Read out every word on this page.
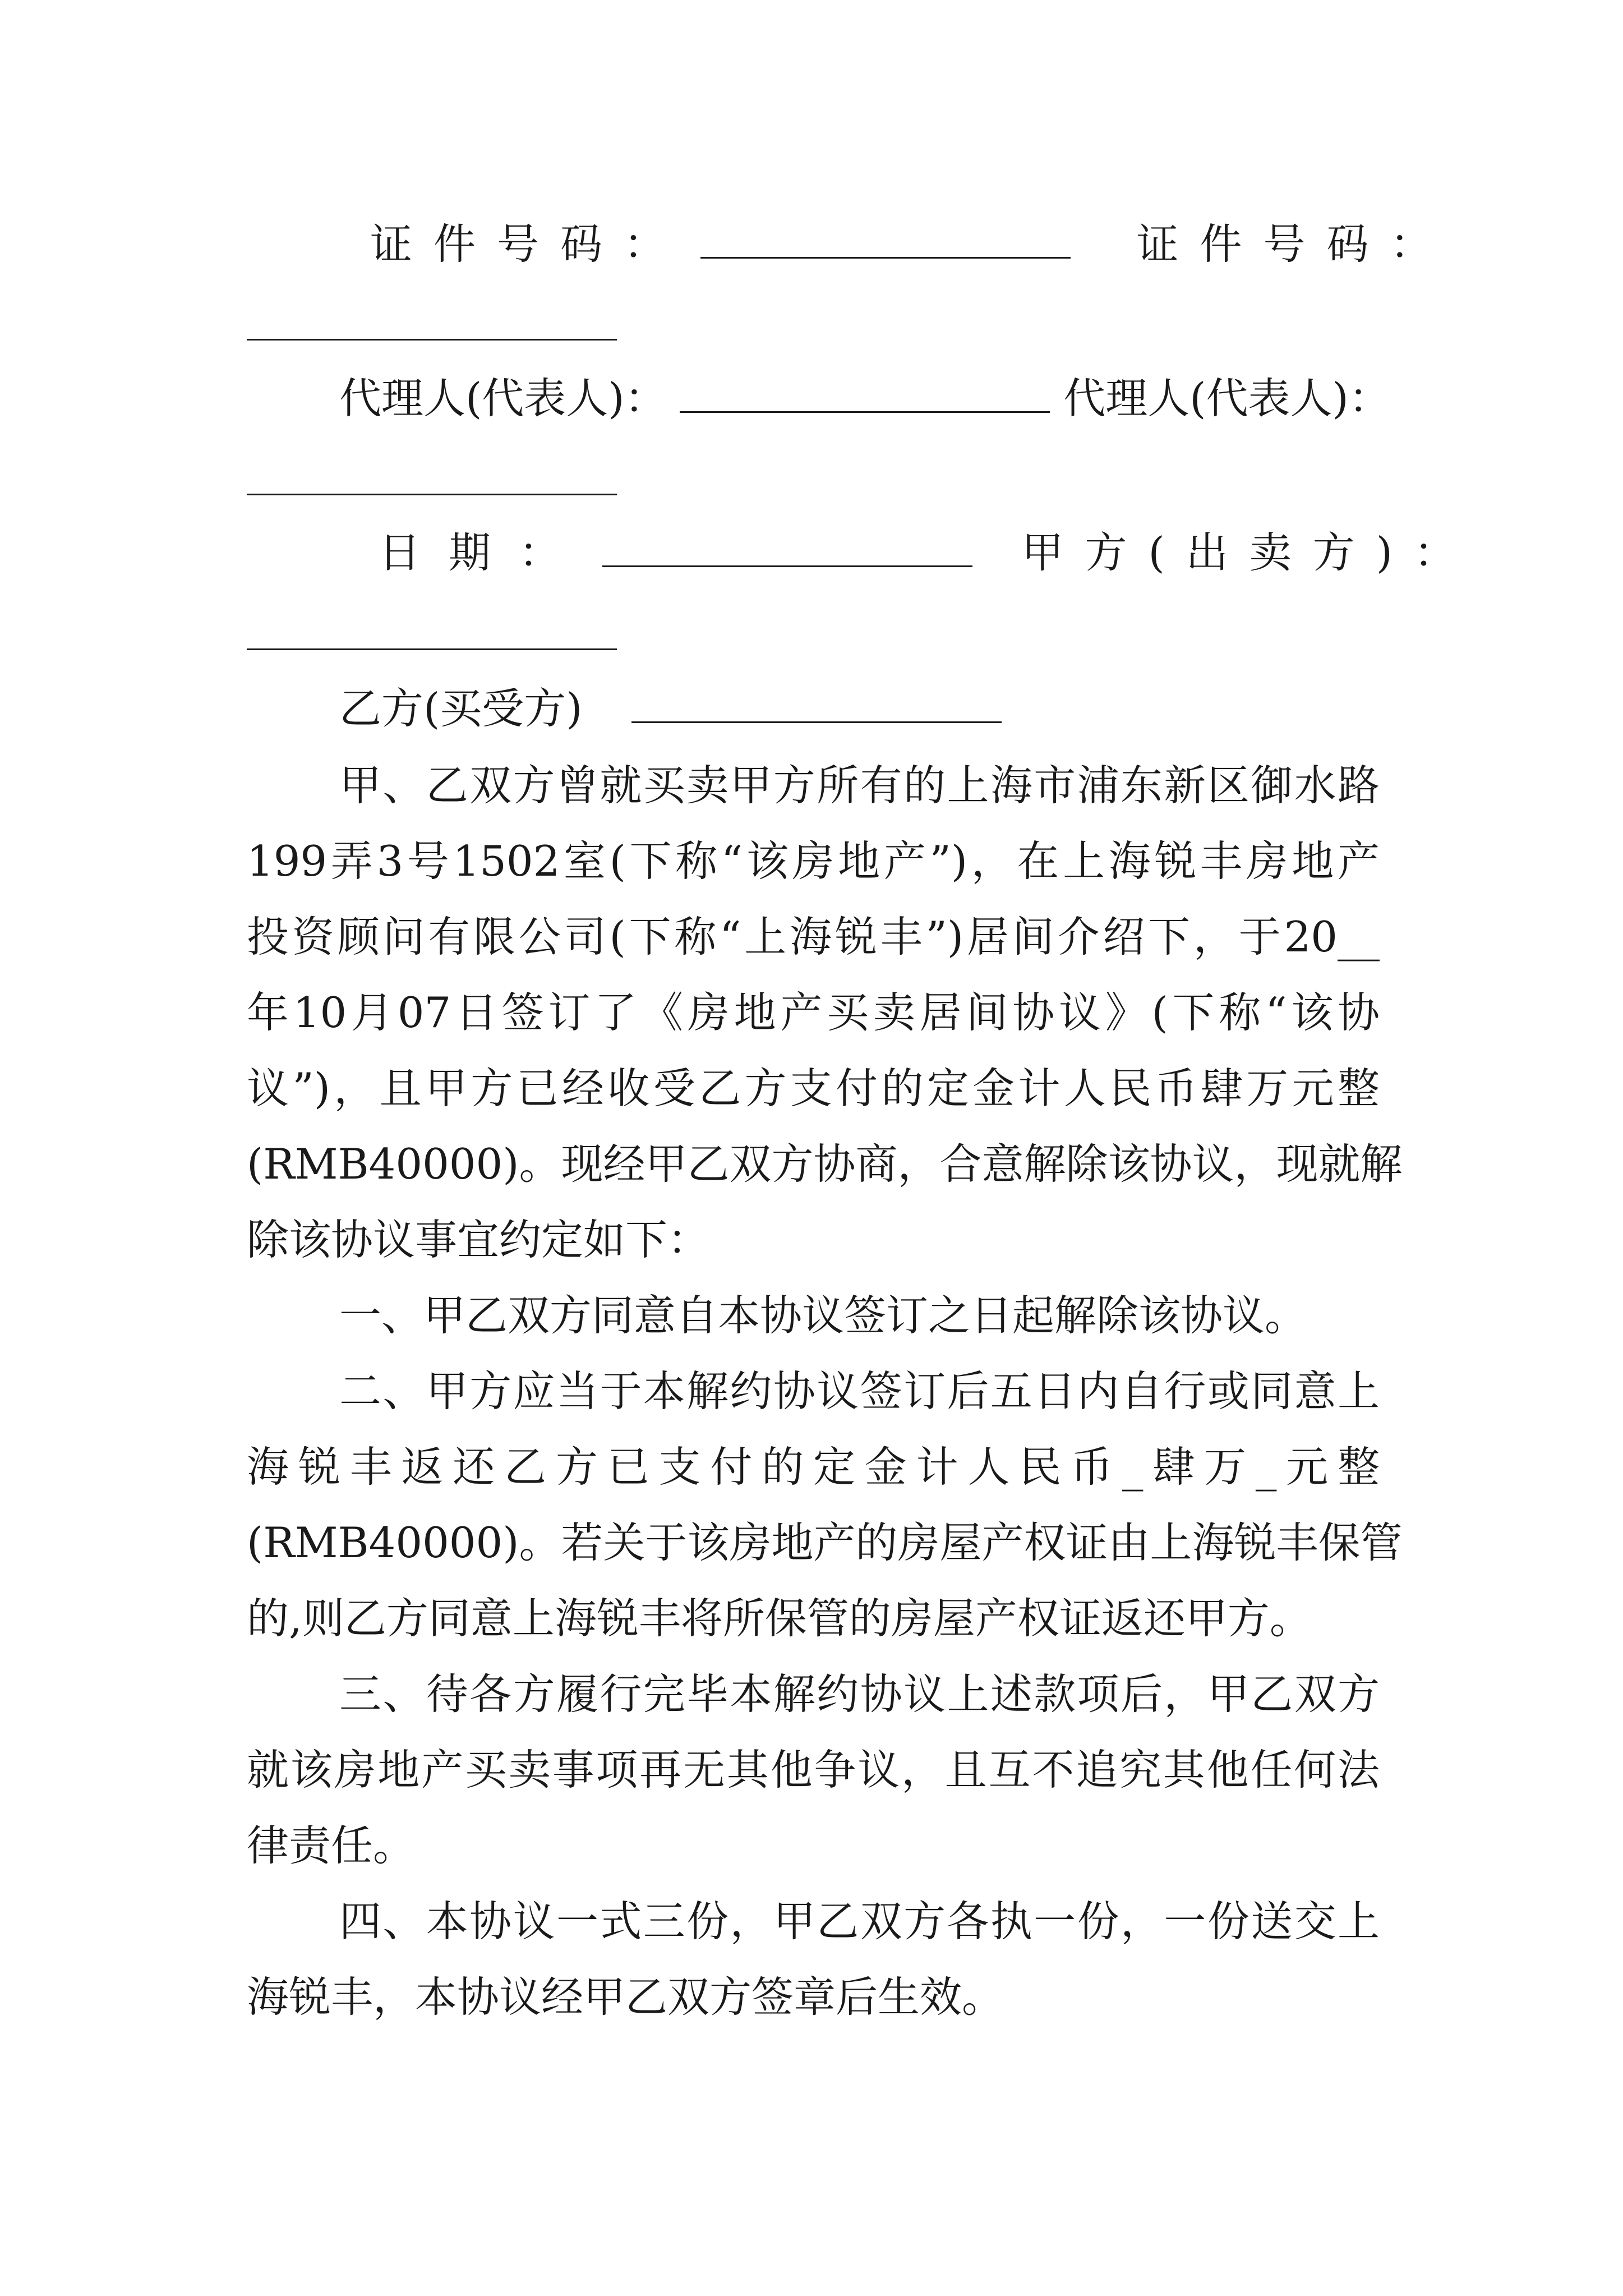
证件号码：	证件号码：
代理人(代表人)：	代理人(代表人)：
日期：	甲方(出卖方)：
乙方(买受方)
甲、乙双方曾就买卖甲方所有的上海市浦东新区御水路
199弄3号1502室(下称“该房地产”)，在上海锐丰房地产
投资顾问有限公司(下称“上海锐丰”)居间介绍下，于20__
年10月07日签订了《房地产买卖居间协议》(下称“该协
议”)，且甲方已经收受乙方支付的定金计人民币肆万元整
(RMB40000)。现经甲乙双方协商，合意解除该协议，现就解
除该协议事宜约定如下：
一、甲乙双方同意自本协议签订之日起解除该协议。
二、甲方应当于本解约协议签订后五日内自行或同意上
海锐丰返还乙方已支付的定金计人民币_肆万_元整
(RMB40000)。若关于该房地产的房屋产权证由上海锐丰保管
的,则乙方同意上海锐丰将所保管的房屋产权证返还甲方。
三、待各方履行完毕本解约协议上述款项后，甲乙双方
就该房地产买卖事项再无其他争议，且互不追究其他任何法
律责任。
四、本协议一式三份，甲乙双方各执一份，一份送交上
海锐丰，本协议经甲乙双方签章后生效。
